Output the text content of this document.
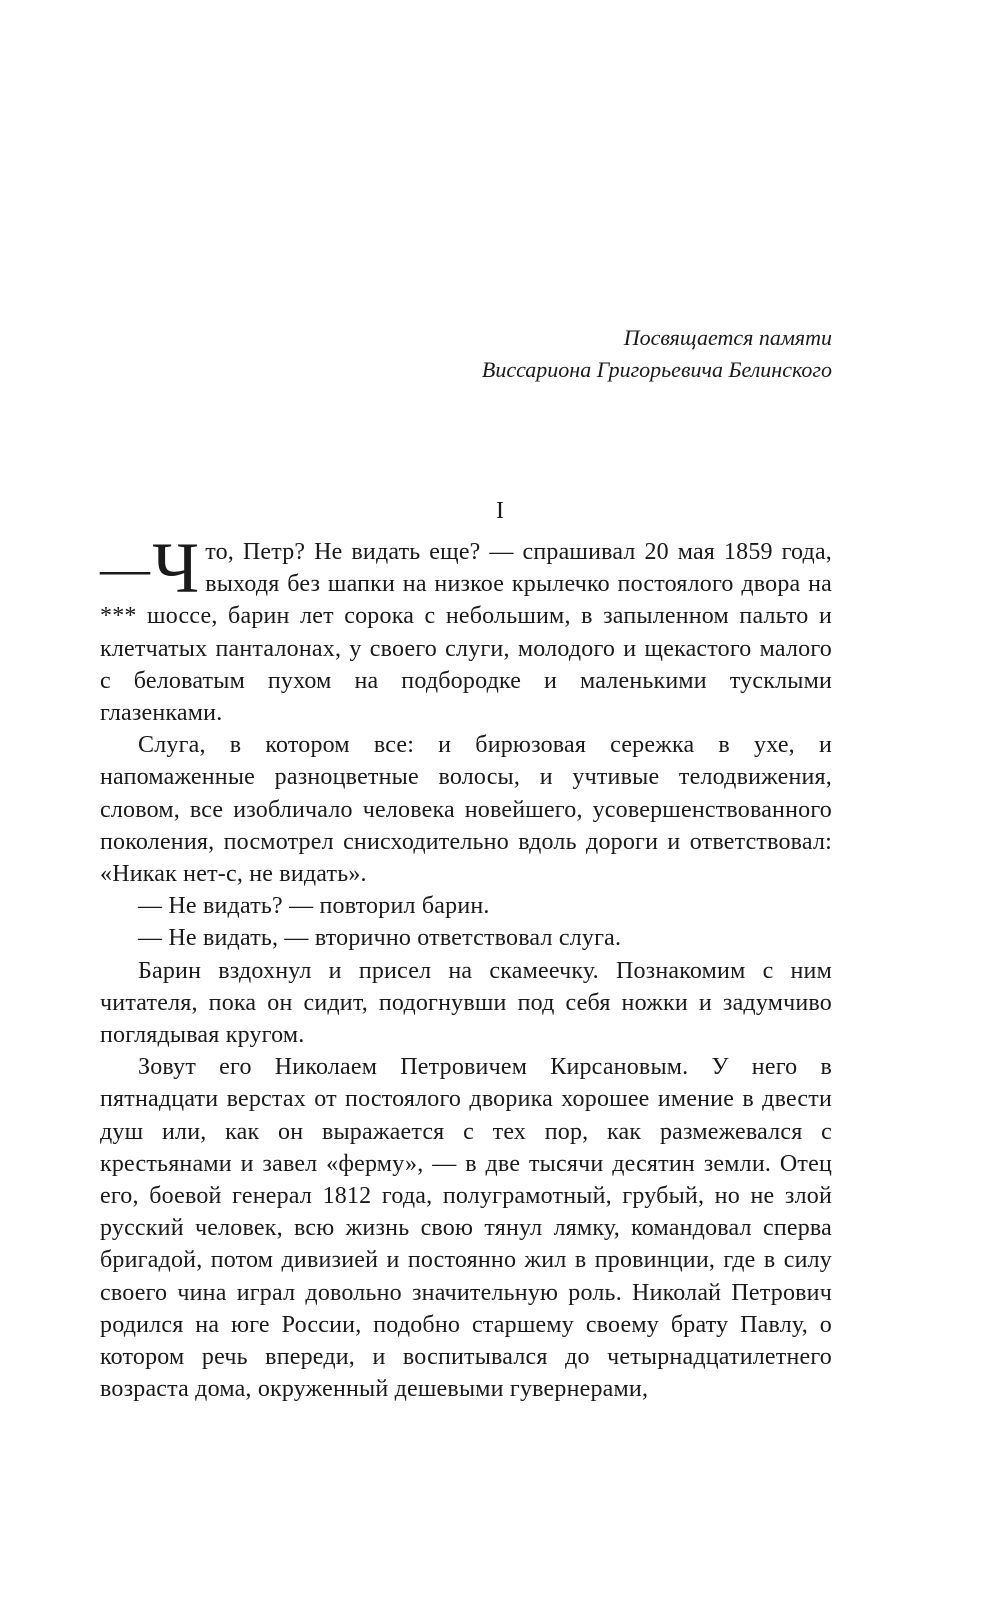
Посвящается памяти
Виссариона Григорьевича Белинского
I

— Ч то, Петр? Не видать еще? — спрашивал 20 мая 1859 года, выходя без шапки на низкое крылечко постоялого двора на *** шоссе, барин лет сорока с небольшим, в запыленном пальто и клетчатых панталонах, у своего слуги, молодого и щекастого малого с беловатым пухом на подбородке и маленькими тусклыми глазенками.

Слуга, в котором все: и бирюзовая сережка в ухе, и напомаженные разноцветные волосы, и учтивые телодвижения, словом, все изобличало человека новейшего, усовершенствованного поколения, посмотрел снисходительно вдоль дороги и ответствовал: «Никак нет-с, не видать».

— Не видать? — повторил барин.

— Не видать, — вторично ответствовал слуга.

Барин вздохнул и присел на скамеечку. Познакомим с ним читателя, пока он сидит, подогнувши под себя ножки и задумчиво поглядывая кругом.

Зовут его Николаем Петровичем Кирсановым. У него в пятнадцати верстах от постоялого дворика хорошее имение в двести душ или, как он выражается с тех пор, как размежевался с крестьянами и завел «ферму», — в две тысячи десятин земли. Отец его, боевой генерал 1812 года, полуграмотный, грубый, но не злой русский человек, всю жизнь свою тянул лямку, командовал сперва бригадой, потом дивизией и постоянно жил в провинции, где в силу своего чина играл довольно значительную роль. Николай Петрович родился на юге России, подобно старшему своему брату Павлу, о котором речь впереди, и воспитывался до четырнадцатилетнего возраста дома, окруженный дешевыми гувернерами,
